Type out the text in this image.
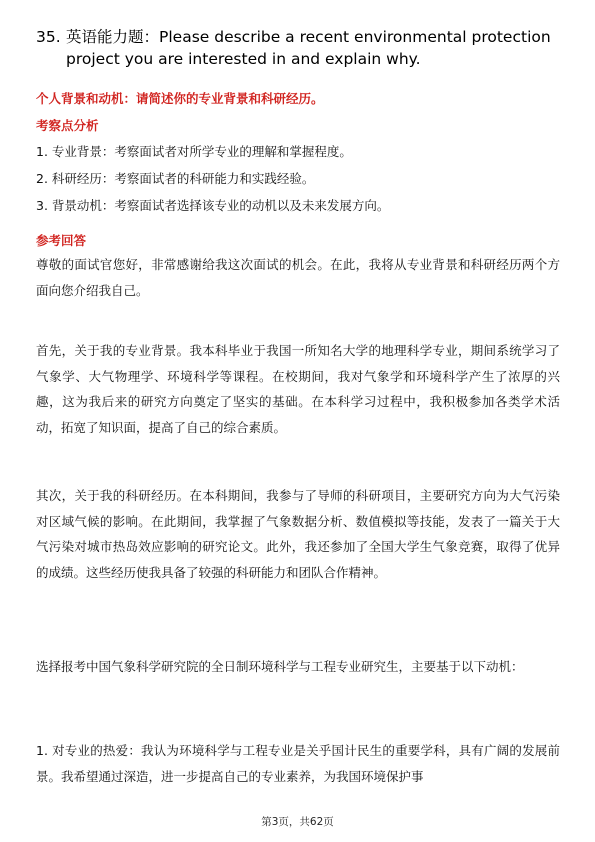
35. 英语能力题：Please describe a recent environmental protection
project you are interested in and explain why.
个人背景和动机：请简述你的专业背景和科研经历。
考察点分析
1. 专业背景：考察面试者对所学专业的理解和掌握程度。
2. 科研经历：考察面试者的科研能力和实践经验。
3. 背景动机：考察面试者选择该专业的动机以及未来发展方向。
参考回答
尊敬的面试官您好，非常感谢给我这次面试的机会。在此，我将从专业背景和科研经历两个方面向您介绍我自己。
首先，关于我的专业背景。我本科毕业于我国一所知名大学的地理科学专业，期间系统学习了气象学、大气物理学、环境科学等课程。在校期间，我对气象学和环境科学产生了浓厚的兴趣，这为我后来的研究方向奠定了坚实的基础。在本科学习过程中，我积极参加各类学术活动，拓宽了知识面，提高了自己的综合素质。
其次，关于我的科研经历。在本科期间，我参与了导师的科研项目，主要研究方向为大气污染对区域气候的影响。在此期间，我掌握了气象数据分析、数值模拟等技能，发表了一篇关于大气污染对城市热岛效应影响的研究论文。此外，我还参加了全国大学生气象竞赛，取得了优异的成绩。这些经历使我具备了较强的科研能力和团队合作精神。
选择报考中国气象科学研究院的全日制环境科学与工程专业研究生，主要基于以下动机：
1. 对专业的热爱：我认为环境科学与工程专业是关乎国计民生的重要学科，具有广阔的发展前景。我希望通过深造，进一步提高自己的专业素养，为我国环境保护事
第3页，共62页
